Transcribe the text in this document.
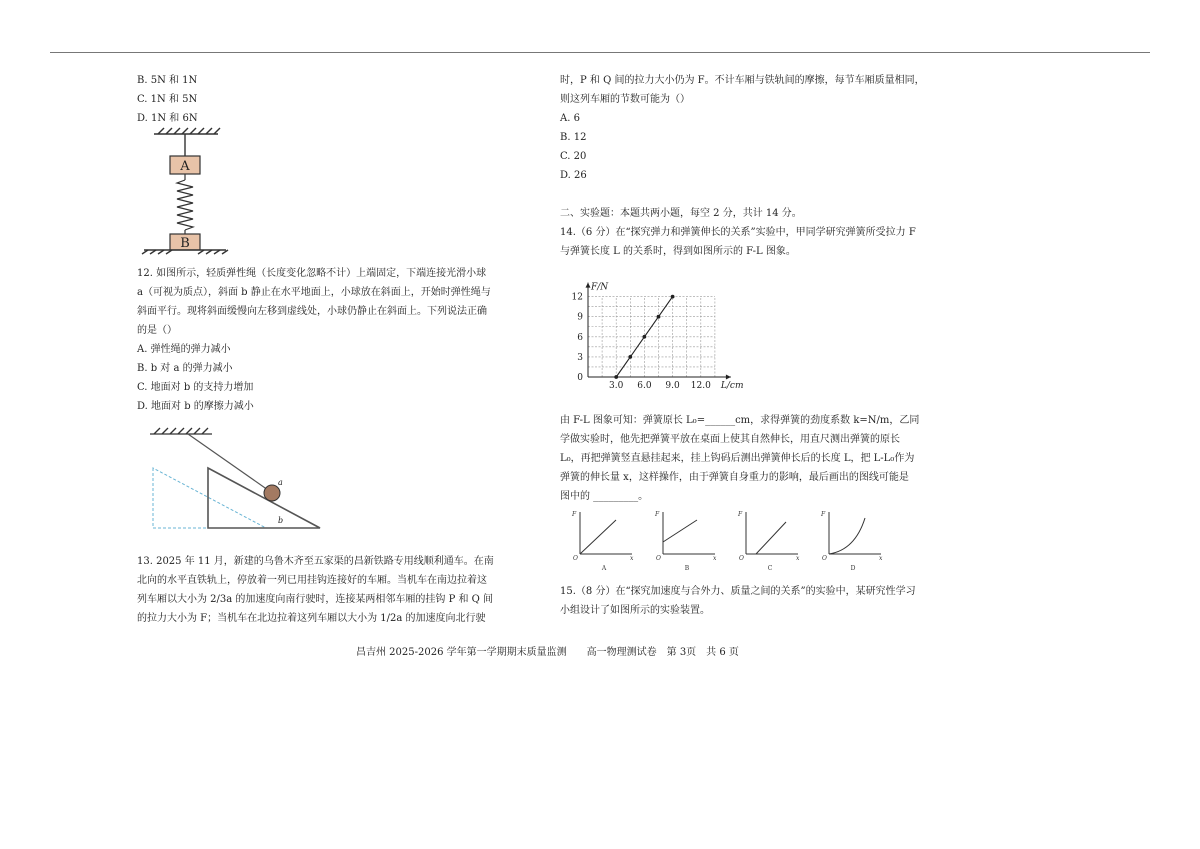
B. 5N 和 1N
C. 1N 和 5N
D. 1N 和 6N
A
B
12. 如图所示，轻质弹性绳（长度变化忽略不计）上端固定，下端连接光滑小球
a（可视为质点），斜面 b 静止在水平地面上，小球放在斜面上，开始时弹性绳与
斜面平行。现将斜面缓慢向左移到虚线处，小球仍静止在斜面上。下列说法正确
的是（）
A. 弹性绳的弹力减小
B. b 对 a 的弹力减小
C. 地面对 b 的支持力增加
D. 地面对 b 的摩擦力减小
a
b
13. 2025 年 11 月，新建的乌鲁木齐至五家渠的昌新铁路专用线顺利通车。在南
北向的水平直铁轨上，停放着一列已用挂钩连接好的车厢。当机车在南边拉着这
列车厢以大小为 2/3a 的加速度向南行驶时，连接某两相邻车厢的挂钩 P 和 Q 间
的拉力大小为 F；当机车在北边拉着这列车厢以大小为 1/2a 的加速度向北行驶
时，P 和 Q 间的拉力大小仍为 F。不计车厢与铁轨间的摩擦，每节车厢质量相同，
则这列车厢的节数可能为（）
A. 6
B. 12
C. 20
D. 26
二、实验题：本题共两小题，每空 2 分，共计 14 分。
14.（6 分）在“探究弹力和弹簧伸长的关系”实验中，甲同学研究弹簧所受拉力 F
与弹簧长度 L 的关系时，得到如图所示的 F-L 图象。
3.0 6.0 9.0 12.0
0
3
6
9
12
L/cm
F/N
由 F-L 图象可知：弹簧原长 L₀=______cm，求得弹簧的劲度系数 k=N/m，乙同
学做实验时，他先把弹簧平放在桌面上使其自然伸长，用直尺测出弹簧的原长
L₀，再把弹簧竖直悬挂起来，挂上钩码后测出弹簧伸长后的长度 L，把 L-L₀作为
弹簧的伸长量 x，这样操作，由于弹簧自身重力的影响，最后画出的图线可能是
图中的 _________。
F
O	x
A
F
O	x
B
F
O	x
C
F
O	x
D
15.（8 分）在“探究加速度与合外力、质量之间的关系”的实验中，某研究性学习
小组设计了如图所示的实验装置。
昌吉州 2025-2026 学年第一学期期末质量监测　　高一物理测试卷　第 3页　共 6 页
